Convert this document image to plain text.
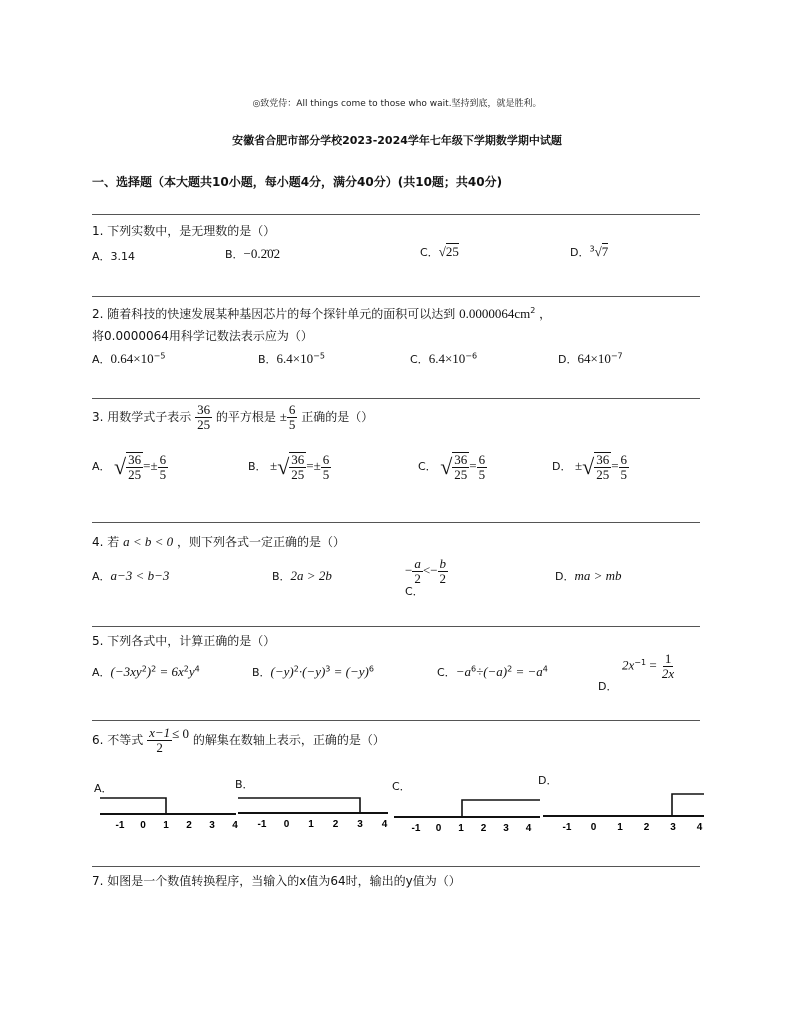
◎致党侍：All things come to those who wait.坚持到底，就是胜利。
安徽省合肥市部分学校2023-2024学年七年级下学期数学期中试题
一、选择题（本大题共10小题，每小题4分，满分40分）(共10题；共40分)
1. 下列实数中，是无理数的是（）
A．3.14	B．−0.2̇0̇2	C．√25	D．$^3$√7
2. 随着科技的快速发展某种基因芯片的每个探针单元的面积可以达到 $0.0000064cm^2$ ，
将0.0000064用科学记数法表示应为（）
A．$0.64\times 10^{-5}$	B．$6.4\times 10^{-5}$	C．$6.4\times 10^{-6}$	D．$64\times 10^{-7}$
3. 用数学式子表示 $\frac{36}{25}$ 的平方根是 ± $\frac{6}{5}$ 正确的是（）
A． √ $\frac{36}{25} =\pm \frac{6}{5}$	B． ±√ $\frac{36}{25} =\pm \frac{6}{5}$	C． √ $\frac{36}{25} = \frac{6}{5}$	D． ±√ $\frac{36}{25} = \frac{6}{5}$
4. 若 a < b < 0 ，则下列各式一定正确的是（）
A．a−3 < b−3	B．2a > 2b	− $\frac{a}{2} <- \frac{b}{2}$
C．
D．ma > mb
5. 下列各式中，计算正确的是（）
A．$(-3xy^2)^2 = 6x^2y^4$	B．$(-y)^2\cdot(-y)^3 = (-y)^6$	C．$-a^6\div(-a)^2 = -a^4$	$2x^{-1} = \frac{1}{2x}$
D．
6. 不等式 $\frac{x-1}{2} \le 0$ 的解集在数轴上表示，正确的是（）
A．	B．	C．	D．
-1 0 1 2 3 4 -1 0 1 2 3 4 -1 0 1 2 3 4	-1 0 1 2 3 4
7. 如图是一个数值转换程序，当输入的x值为64时，输出的y值为（）
